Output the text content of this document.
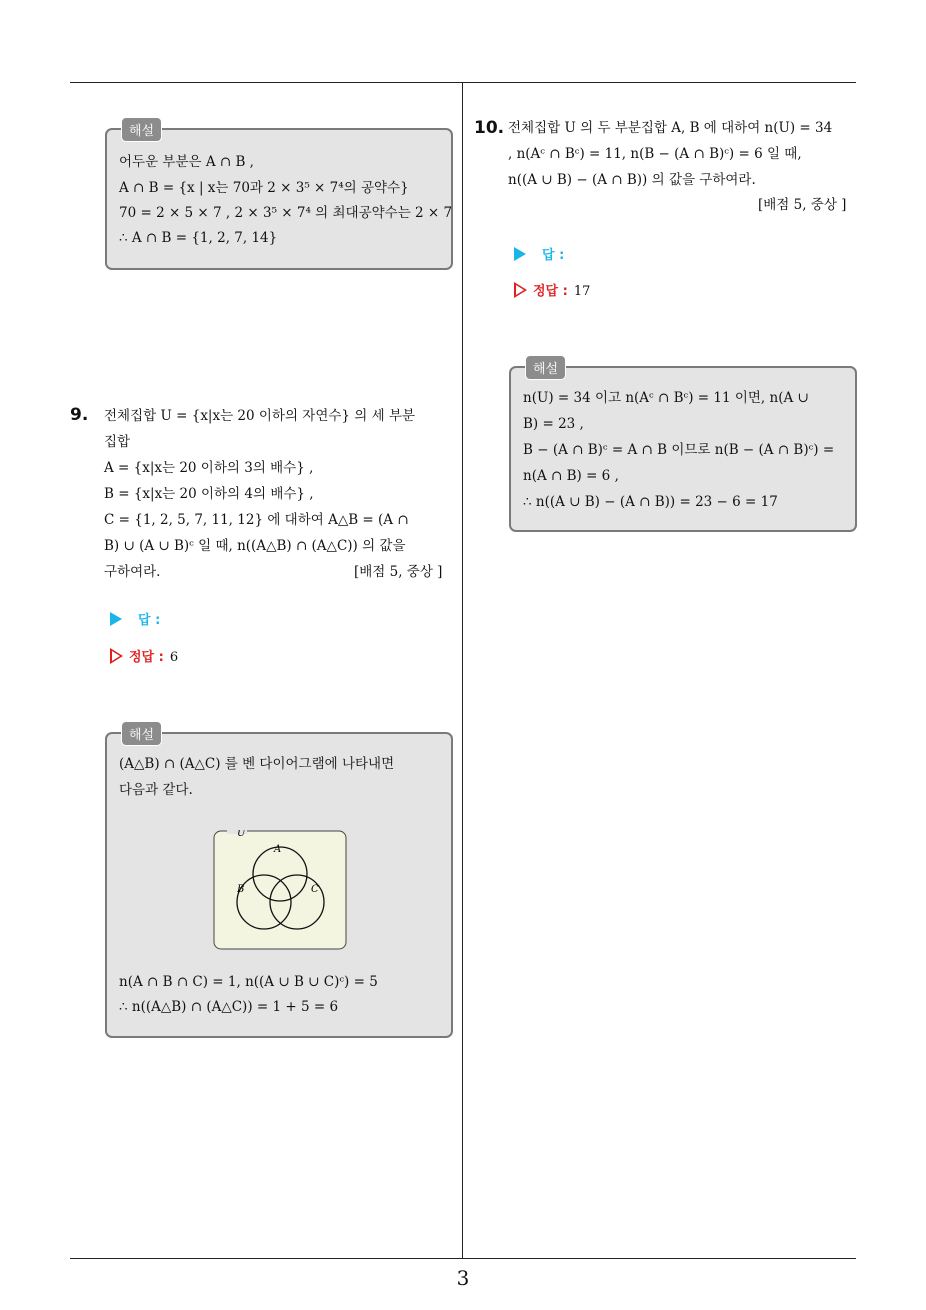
3
해설
어두운 부분은 A ∩ B ,
A ∩ B = {x | x는 70과 2 × 3⁵ × 7⁴의 공약수}
70 = 2 × 5 × 7 , 2 × 3⁵ × 7⁴ 의 최대공약수는 2 × 7
∴ A ∩ B = {1, 2, 7, 14}
9. 전체집합 U = {x|x는 20 이하의 자연수} 의 세 부분
집합
A = {x|x는 20 이하의 3의 배수} ,
B = {x|x는 20 이하의 4의 배수} ,
C = {1, 2, 5, 7, 11, 12} 에 대하여 A△B = (A ∩
B) ∪ (A ∪ B)ᶜ 일 때, n((A△B) ∩ (A△C)) 의 값을
구하여라.	[배점 5, 중상 ]
답 :
정답 : 6
해설
(A△B) ∩ (A△C) 를 벤 다이어그램에 나타내면
다음과 같다.
U
A
B	C
n(A ∩ B ∩ C) = 1, n((A ∪ B ∪ C)ᶜ) = 5
∴ n((A△B) ∩ (A△C)) = 1 + 5 = 6
10. 전체집합 U 의 두 부분집합 A, B 에 대하여 n(U) = 34
, n(Aᶜ ∩ Bᶜ) = 11, n(B − (A ∩ B)ᶜ) = 6 일 때,
n((A ∪ B) − (A ∩ B)) 의 값을 구하여라.
[배점 5, 중상 ]
답 :
정답 : 17
해설
n(U) = 34 이고 n(Aᶜ ∩ Bᶜ) = 11 이면, n(A ∪
B) = 23 ,
B − (A ∩ B)ᶜ = A ∩ B 이므로 n(B − (A ∩ B)ᶜ) =
n(A ∩ B) = 6 ,
∴ n((A ∪ B) − (A ∩ B)) = 23 − 6 = 17
